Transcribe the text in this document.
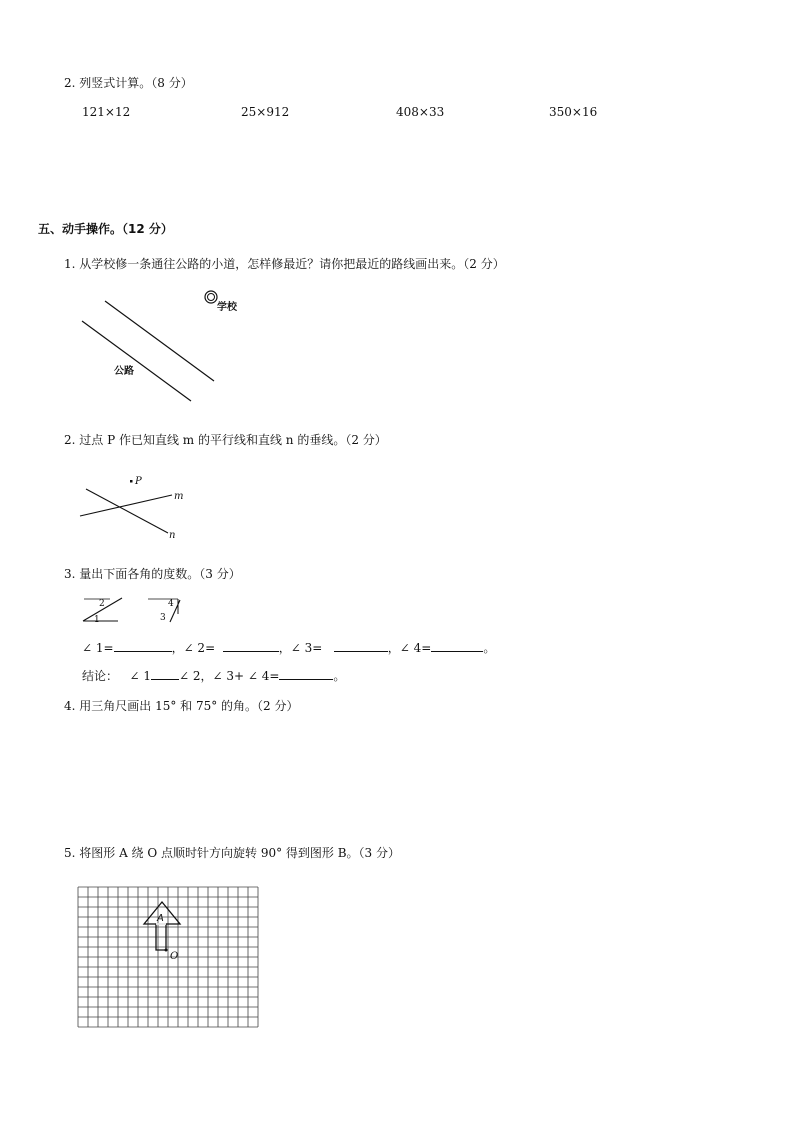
2. 列竖式计算。（8 分）
121×12	25×912	408×33	350×16
五、动手操作。（12 分）
1. 从学校修一条通往公路的小道，怎样修最近？请你把最近的路线画出来。（2 分）
学校
公路
2. 过点 P 作已知直线 m 的平行线和直线 n 的垂线。（2 分）
P
m
n
3. 量出下面各角的度数。（3 分）
1
2
3
4
∠ 1=	，∠ 2=	，∠ 3=	，∠ 4=	。
结论： ∠ 1 ∠ 2，∠ 3+ ∠ 4=	。
4. 用三角尺画出 15° 和 75° 的角。（2 分）
5. 将图形 A 绕 O 点顺时针方向旋转 90° 得到图形 B。（3 分）
A
O
